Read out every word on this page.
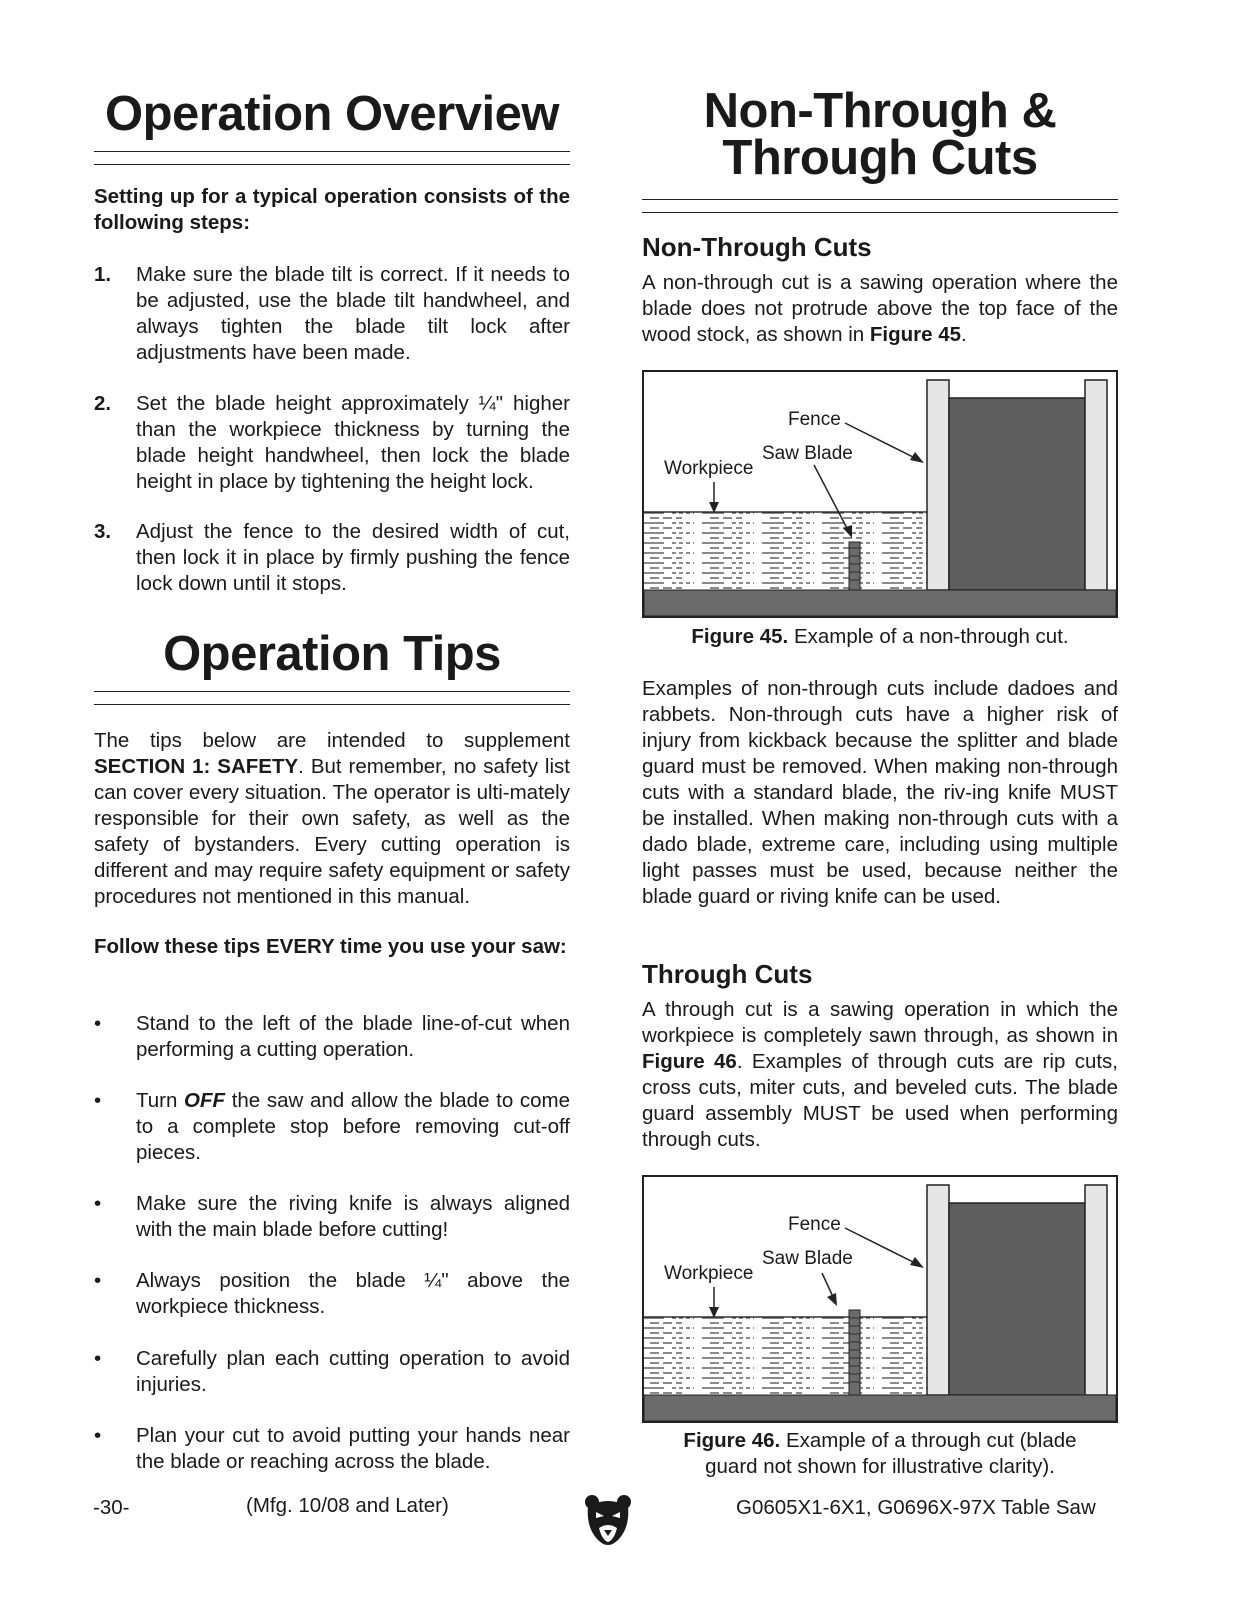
Operation Overview
Setting up for a typical operation consists of the following steps:
1. Make sure the blade tilt is correct. If it needs to be adjusted, use the blade tilt handwheel, and always tighten the blade tilt lock after adjustments have been made.
2. Set the blade height approximately ¼" higher than the workpiece thickness by turning the blade height handwheel, then lock the blade height in place by tightening the height lock.
3. Adjust the fence to the desired width of cut, then lock it in place by firmly pushing the fence lock down until it stops.
Operation Tips
The tips below are intended to supplement SECTION 1: SAFETY. But remember, no safety list can cover every situation. The operator is ulti-mately responsible for their own safety, as well as the safety of bystanders. Every cutting operation is different and may require safety equipment or safety procedures not mentioned in this manual.
Follow these tips EVERY time you use your saw:
• Stand to the left of the blade line-of-cut when performing a cutting operation.
• Turn OFF the saw and allow the blade to come to a complete stop before removing cut-off pieces.
• Make sure the riving knife is always aligned with the main blade before cutting!
• Always position the blade ¼" above the workpiece thickness.
• Carefully plan each cutting operation to avoid injuries.
• Plan your cut to avoid putting your hands near the blade or reaching across the blade.
Non-Through &
Through Cuts
Non-Through Cuts
A non-through cut is a sawing operation where the blade does not protrude above the top face of the wood stock, as shown in Figure 45.
Figure 45. Example of a non-through cut.
Examples of non-through cuts include dadoes and rabbets. Non-through cuts have a higher risk of injury from kickback because the splitter and blade guard must be removed. When making non-through cuts with a standard blade, the riv-ing knife MUST be installed. When making non-through cuts with a dado blade, extreme care, including using multiple light passes must be used, because neither the blade guard or riving knife can be used.
Through Cuts
A through cut is a sawing operation in which the workpiece is completely sawn through, as shown in Figure 46. Examples of through cuts are rip cuts, cross cuts, miter cuts, and beveled cuts. The blade guard assembly MUST be used when performing through cuts.
Figure 46. Example of a through cut (blade guard not shown for illustrative clarity).
Fence
Saw Blade
Workpiece
Fence
Saw Blade
Workpiece
-30-	(Mfg. 10/08 and Later)	G0605X1-6X1, G0696X-97X Table Saw
